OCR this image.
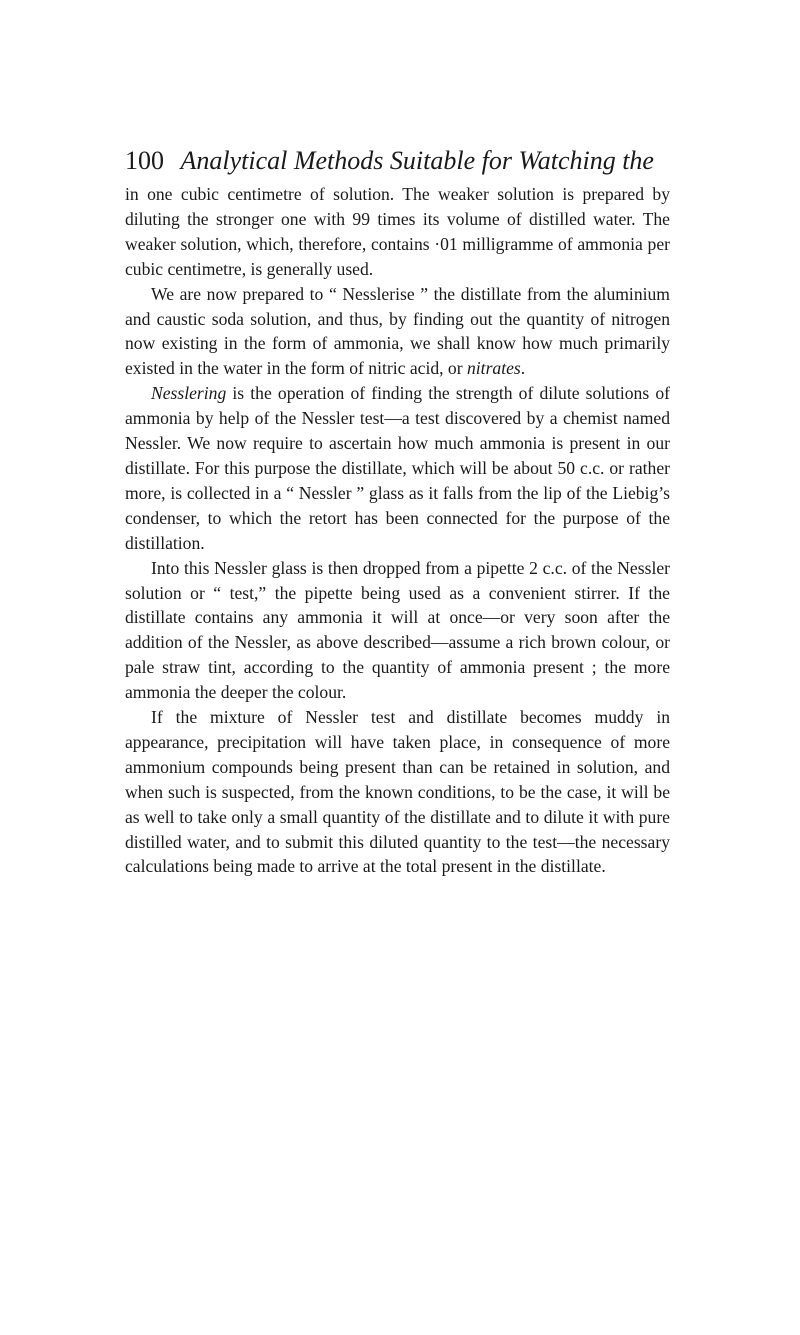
100 Analytical Methods Suitable for Watching the

in one cubic centimetre of solution. The weaker solution is prepared by diluting the stronger one with 99 times its volume of distilled water. The weaker solution, which, therefore, contains ·01 milligramme of ammonia per cubic centimetre, is generally used.

We are now prepared to “ Nesslerise ” the distillate from the aluminium and caustic soda solution, and thus, by finding out the quantity of nitrogen now existing in the form of ammonia, we shall know how much primarily existed in the water in the form of nitric acid, or nitrates.

Nesslering is the operation of finding the strength of dilute solutions of ammonia by help of the Nessler test—a test discovered by a chemist named Nessler. We now require to ascertain how much ammonia is present in our distillate. For this purpose the distillate, which will be about 50 c.c. or rather more, is collected in a “ Nessler ” glass as it falls from the lip of the Liebig’s condenser, to which the retort has been connected for the purpose of the distillation.

Into this Nessler glass is then dropped from a pipette 2 c.c. of the Nessler solution or “ test,” the pipette being used as a convenient stirrer. If the distillate contains any ammonia it will at once—or very soon after the addition of the Nessler, as above described—assume a rich brown colour, or pale straw tint, according to the quantity of ammonia present ; the more ammonia the deeper the colour.

If the mixture of Nessler test and distillate becomes muddy in appearance, precipitation will have taken place, in consequence of more ammonium compounds being present than can be retained in solution, and when such is suspected, from the known conditions, to be the case, it will be as well to take only a small quantity of the distillate and to dilute it with pure distilled water, and to submit this diluted quantity to the test—the necessary calculations being made to arrive at the total present in the distillate.
